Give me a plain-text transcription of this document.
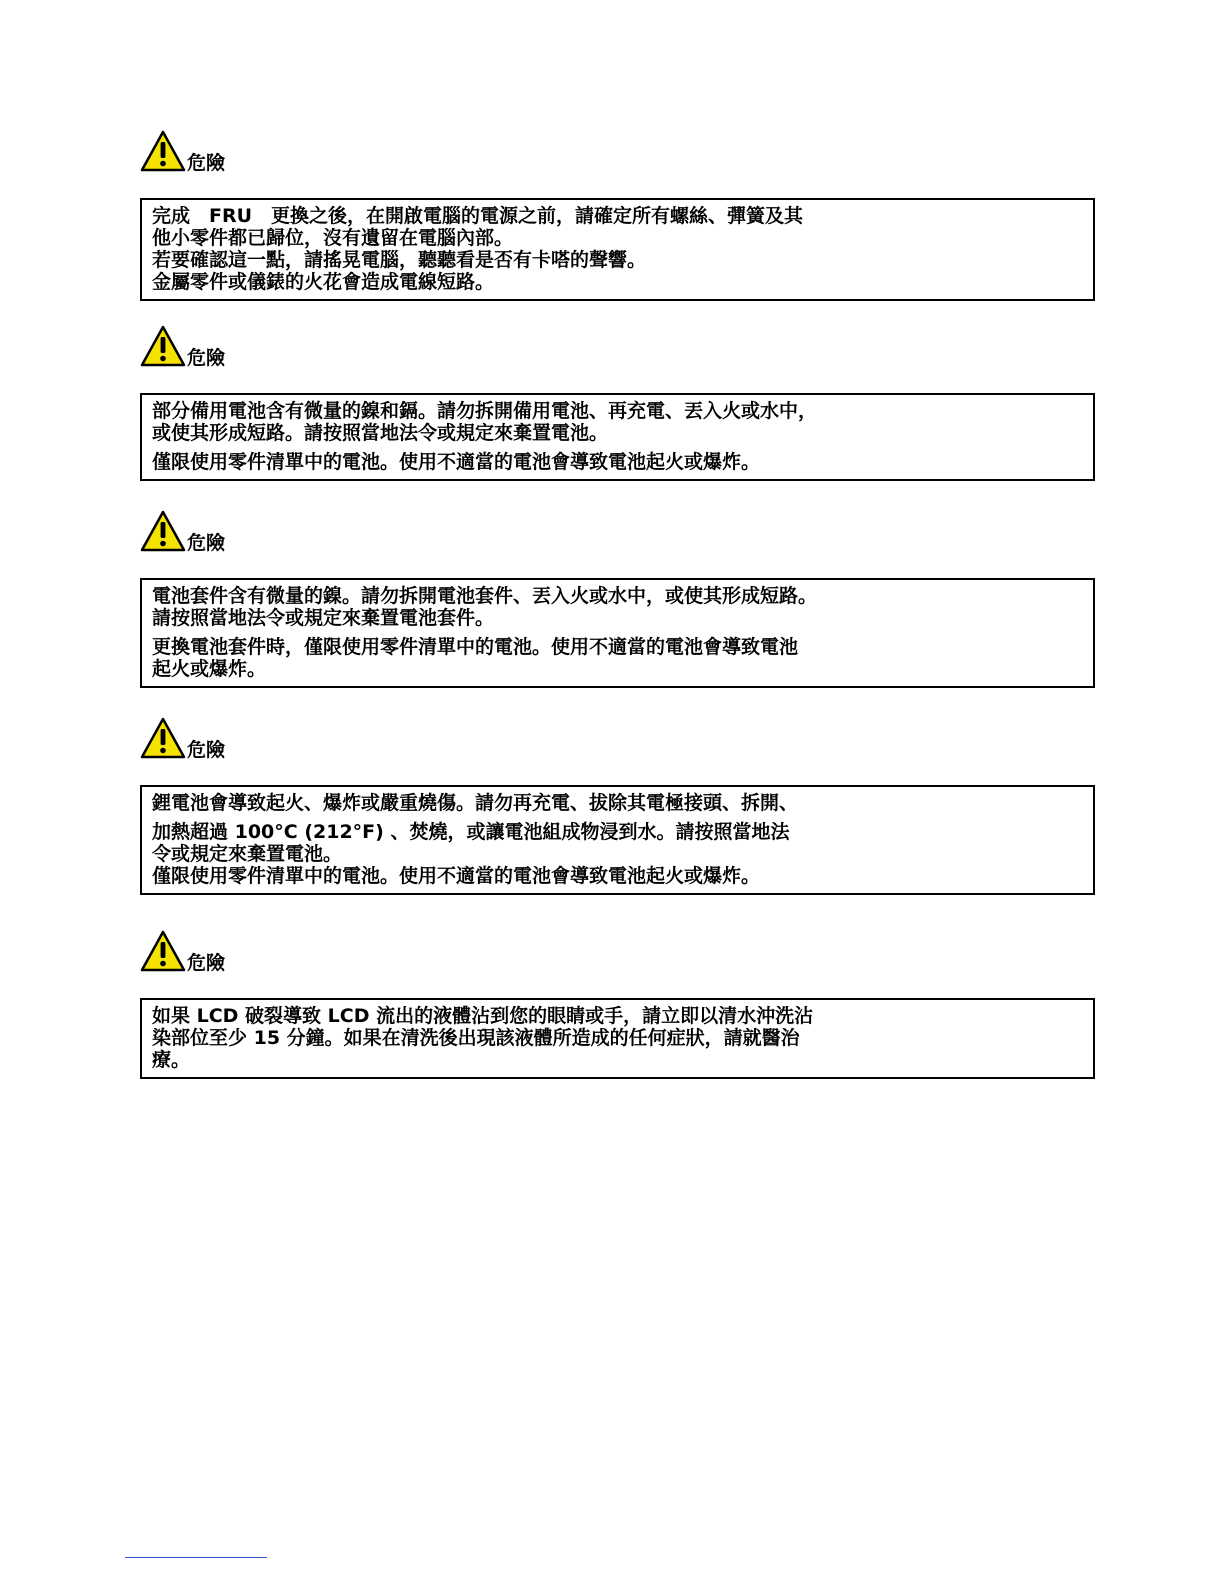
危險
完成　FRU　更換之後，在開啟電腦的電源之前，請確定所有螺絲、彈簧及其
他小零件都已歸位，沒有遺留在電腦內部。
若要確認這一點，請搖晃電腦，聽聽看是否有卡嗒的聲響。
金屬零件或儀錶的火花會造成電線短路。
危險
部分備用電池含有微量的鎳和鎘。請勿拆開備用電池、再充電、丟入火或水中，
或使其形成短路。請按照當地法令或規定來棄置電池。
僅限使用零件清單中的電池。使用不適當的電池會導致電池起火或爆炸。
危險
電池套件含有微量的鎳。請勿拆開電池套件、丟入火或水中，或使其形成短路。
請按照當地法令或規定來棄置電池套件。
更換電池套件時，僅限使用零件清單中的電池。使用不適當的電池會導致電池
起火或爆炸。
危險
鋰電池會導致起火、爆炸或嚴重燒傷。請勿再充電、拔除其電極接頭、拆開、
加熱超過 100°C (212°F) 、焚燒，或讓電池組成物浸到水。請按照當地法
令或規定來棄置電池。
僅限使用零件清單中的電池。使用不適當的電池會導致電池起火或爆炸。
危險
如果 LCD 破裂導致 LCD 流出的液體沾到您的眼睛或手，請立即以清水沖洗沾
染部位至少 15 分鐘。如果在清洗後出現該液體所造成的任何症狀，請就醫治
療。
